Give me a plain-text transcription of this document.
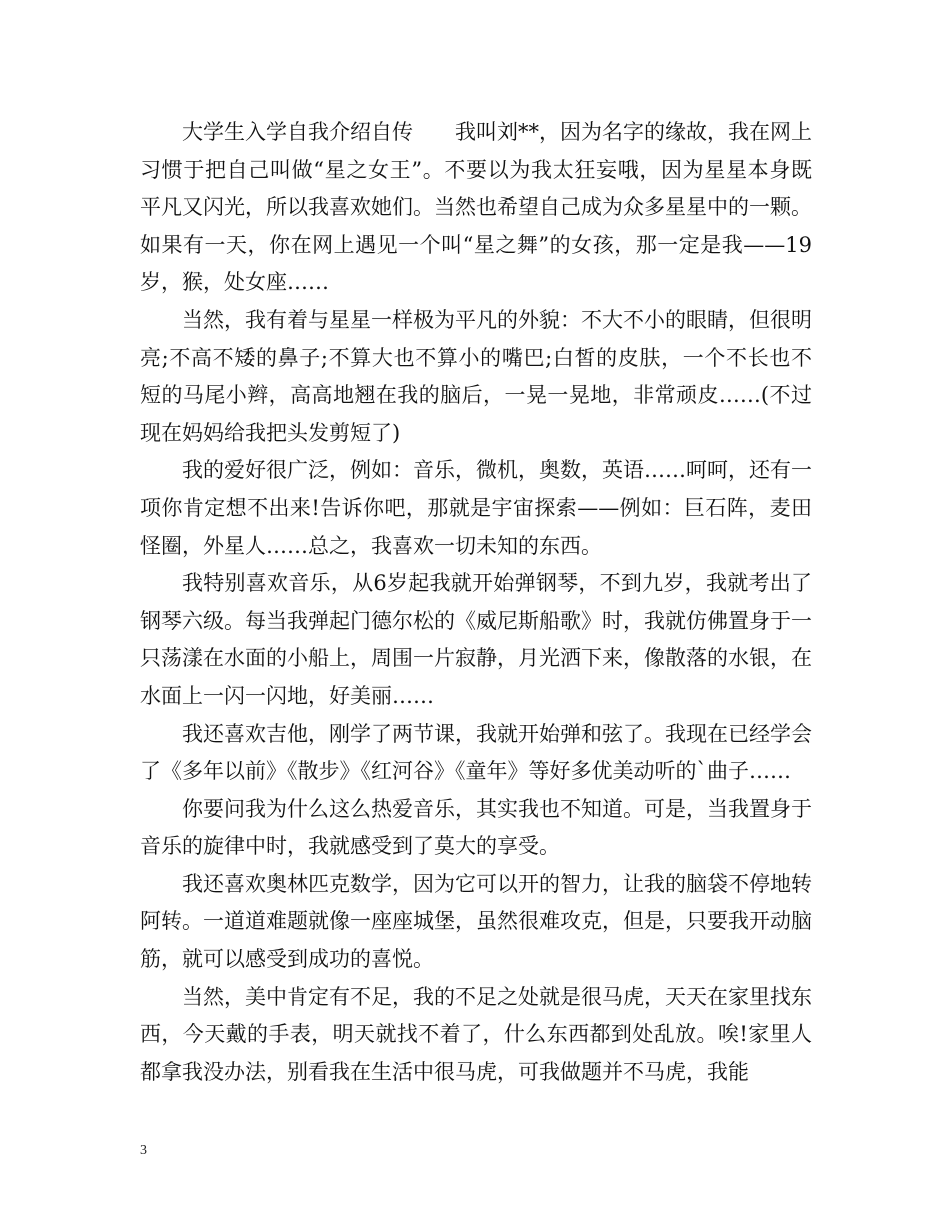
大学生入学自我介绍自传　　我叫刘**，因为名字的缘故，我在网上习惯于把自己叫做“星之女王”。不要以为我太狂妄哦，因为星星本身既平凡又闪光，所以我喜欢她们。当然也希望自己成为众多星星中的一颗。如果有一天，你在网上遇见一个叫“星之舞”的女孩，那一定是我——19岁，猴，处女座……

当然，我有着与星星一样极为平凡的外貌：不大不小的眼睛，但很明亮;不高不矮的鼻子;不算大也不算小的嘴巴;白皙的皮肤，一个不长也不短的马尾小辫，高高地翘在我的脑后，一晃一晃地，非常顽皮……(不过现在妈妈给我把头发剪短了)

我的爱好很广泛，例如：音乐，微机，奥数，英语……呵呵，还有一项你肯定想不出来!告诉你吧，那就是宇宙探索——例如：巨石阵，麦田怪圈，外星人……总之，我喜欢一切未知的东西。

我特别喜欢音乐，从6岁起我就开始弹钢琴，不到九岁，我就考出了钢琴六级。每当我弹起门德尔松的《威尼斯船歌》时，我就仿佛置身于一只荡漾在水面的小船上，周围一片寂静，月光洒下来，像散落的水银，在水面上一闪一闪地，好美丽……

我还喜欢吉他，刚学了两节课，我就开始弹和弦了。我现在已经学会了《多年以前》《散步》《红河谷》《童年》等好多优美动听的`曲子……

你要问我为什么这么热爱音乐，其实我也不知道。可是，当我置身于音乐的旋律中时，我就感受到了莫大的享受。

我还喜欢奥林匹克数学，因为它可以开的智力，让我的脑袋不停地转阿转。一道道难题就像一座座城堡，虽然很难攻克，但是，只要我开动脑筋，就可以感受到成功的喜悦。

当然，美中肯定有不足，我的不足之处就是很马虎，天天在家里找东西，今天戴的手表，明天就找不着了，什么东西都到处乱放。唉!家里人都拿我没办法，别看我在生活中很马虎，可我做题并不马虎，我能

3
